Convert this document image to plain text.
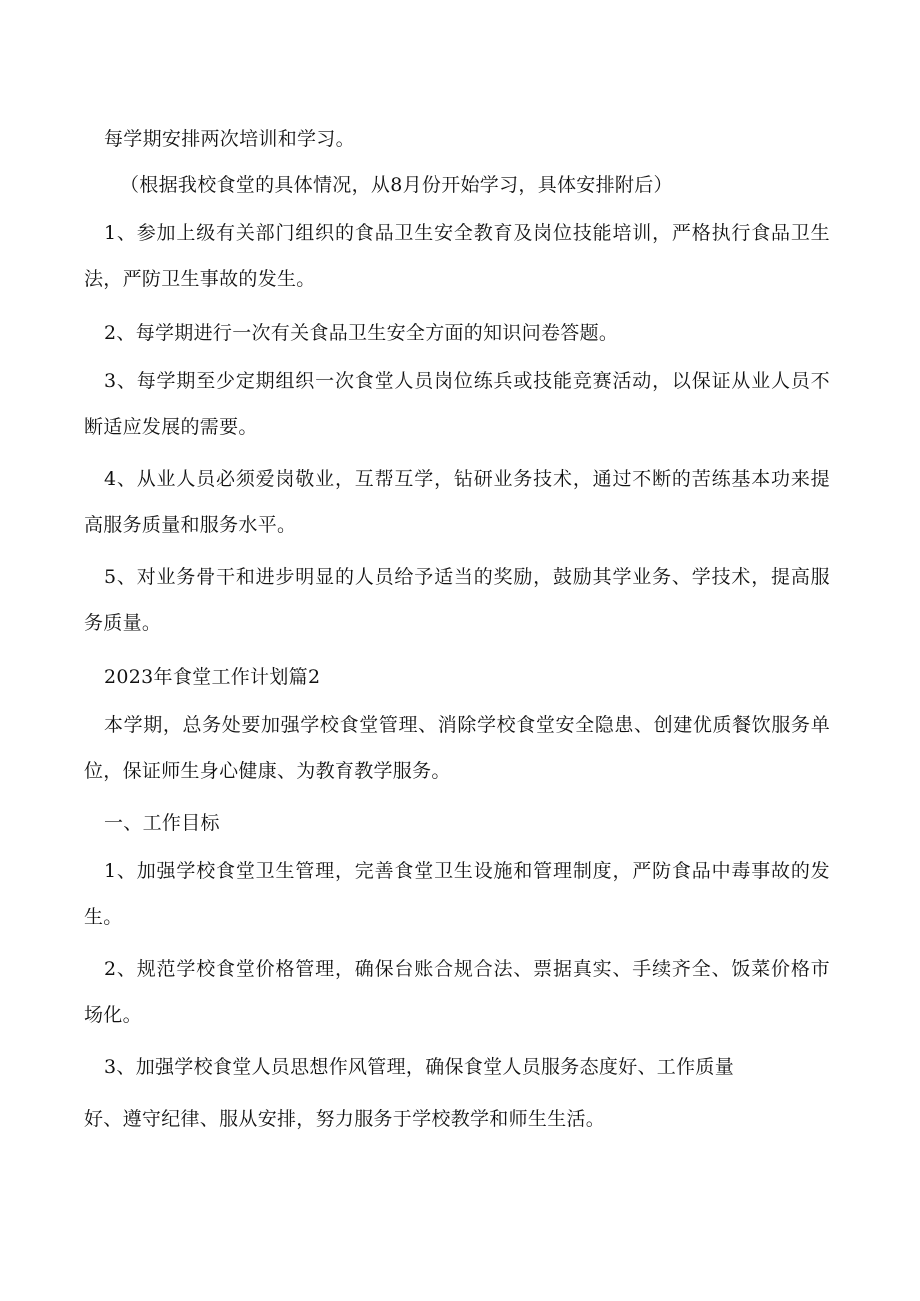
每学期安排两次培训和学习。

（根据我校食堂的具体情况，从8月份开始学习，具体安排附后）

1、参加上级有关部门组织的食品卫生安全教育及岗位技能培训，严格执行食品卫生法，严防卫生事故的发生。

2、每学期进行一次有关食品卫生安全方面的知识问卷答题。

3、每学期至少定期组织一次食堂人员岗位练兵或技能竞赛活动，以保证从业人员不断适应发展的需要。

4、从业人员必须爱岗敬业，互帮互学，钻研业务技术，通过不断的苦练基本功来提高服务质量和服务水平。

5、对业务骨干和进步明显的人员给予适当的奖励，鼓励其学业务、学技术，提高服务质量。

2023年食堂工作计划篇2

本学期，总务处要加强学校食堂管理、消除学校食堂安全隐患、创建优质餐饮服务单位，保证师生身心健康、为教育教学服务。

一、工作目标

1、加强学校食堂卫生管理，完善食堂卫生设施和管理制度，严防食品中毒事故的发生。

2、规范学校食堂价格管理，确保台账合规合法、票据真实、手续齐全、饭菜价格市场化。

3、加强学校食堂人员思想作风管理，确保食堂人员服务态度好、工作质量

好、遵守纪律、服从安排，努力服务于学校教学和师生生活。
